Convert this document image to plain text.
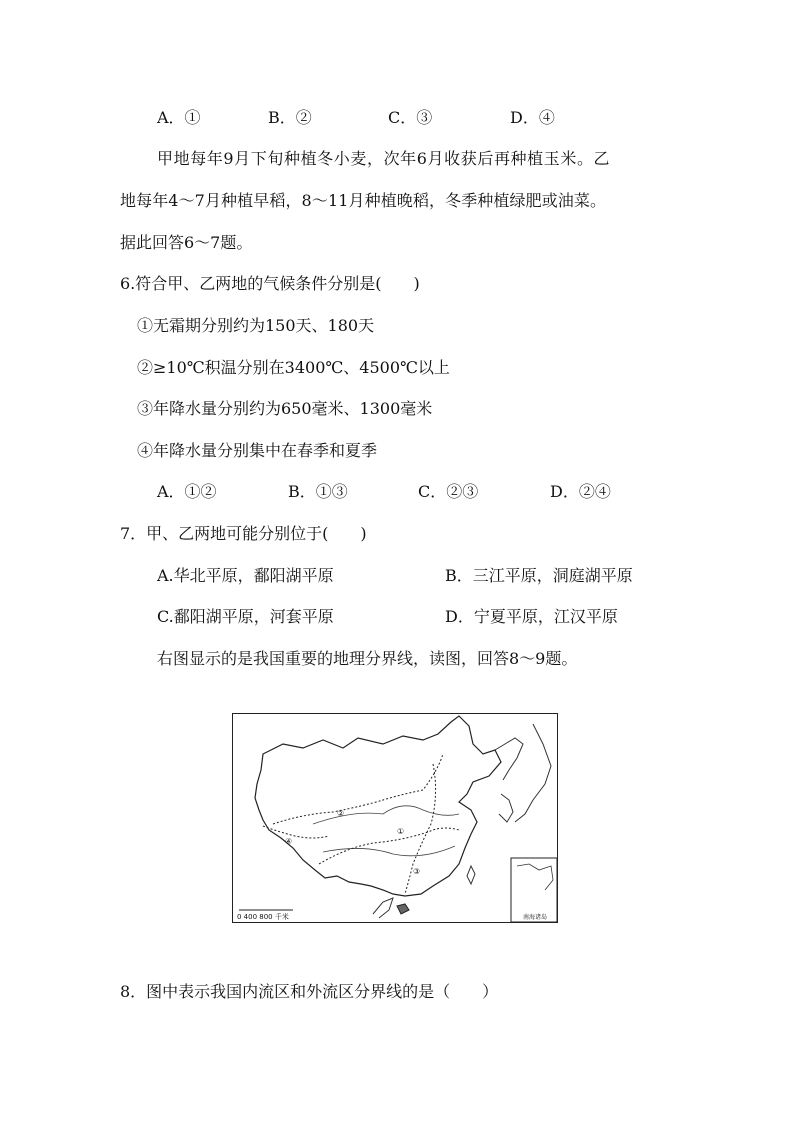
A．①	B．②	C．③	D．④
甲地每年9月下旬种植冬小麦，次年6月收获后再种植玉米。乙
地每年4～7月种植早稻，8～11月种植晚稻，冬季种植绿肥或油菜。
据此回答6～7题。
6.符合甲、乙两地的气候条件分别是(　　)
①无霜期分别约为150天、180天
②≥10℃积温分别在3400℃、4500℃以上
③年降水量分别约为650毫米、1300毫米
④年降水量分别集中在春季和夏季
A．①②	B．①③	C．②③	D．②④
7．甲、乙两地可能分别位于(　　)
A.华北平原，鄱阳湖平原	B．三江平原，洞庭湖平原
C.鄱阳湖平原，河套平原	D．宁夏平原，江汉平原
右图显示的是我国重要的地理分界线，读图，回答8～9题。
①
②
③
④
0 400 800 千米	南海诸岛
8．图中表示我国内流区和外流区分界线的是（　　）
